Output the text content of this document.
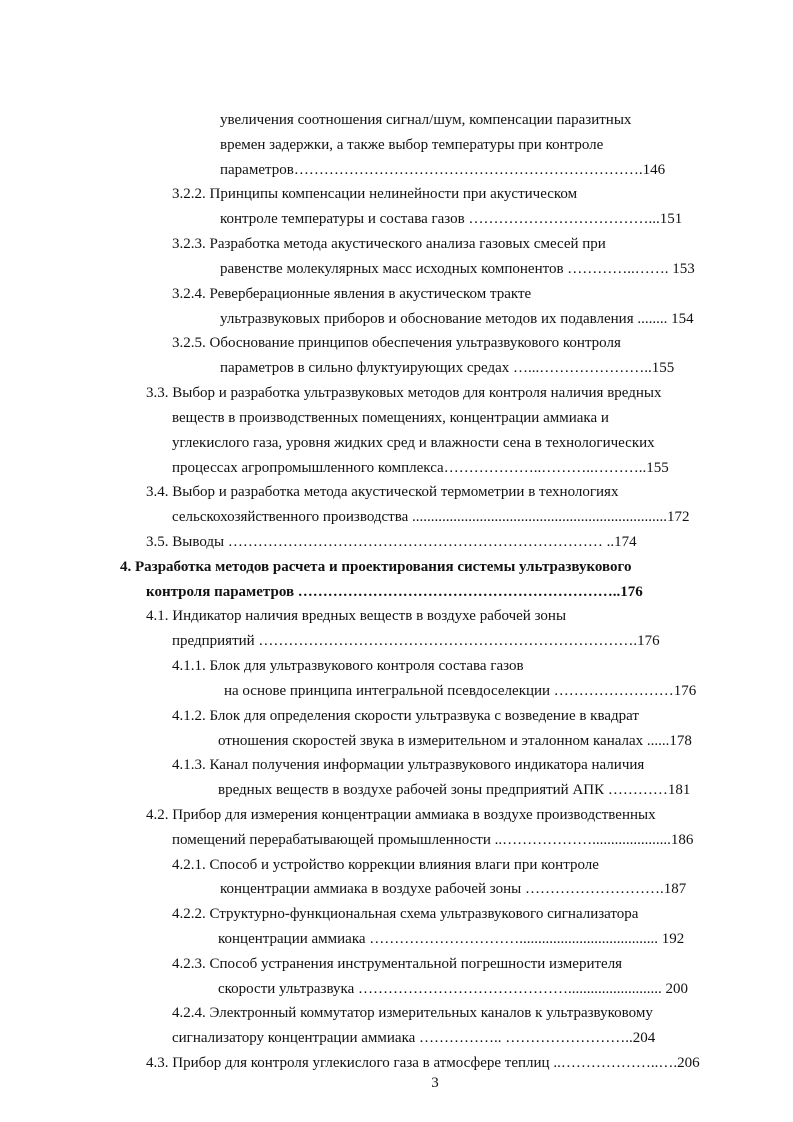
увеличения соотношения сигнал/шум, компенсации паразитных
времен задержки, а также выбор температуры при контроле
параметров…………………………………………………………….146
3.2.2. Принципы компенсации нелинейности при акустическом
контроле температуры и состава газов ………………………………...151
3.2.3. Разработка метода акустического анализа газовых смесей при
равенстве молекулярных масс исходных компонентов …………..……. 153
3.2.4. Реверберационные явления в акустическом тракте
ультразвуковых приборов и обоснование методов их подавления ........ 154
3.2.5. Обоснование принципов обеспечения ультразвукового контроля
параметров в сильно флуктуирующих средах …...…………………..155
3.3. Выбор и разработка ультразвуковых методов для контроля наличия вредных
веществ в производственных помещениях, концентрации аммиака и
углекислого газа, уровня жидких сред и влажности сена в технологических
процессах агропромышленного комплекса………………..………..………..155
3.4. Выбор и разработка метода акустической термометрии в технологиях
сельскохозяйственного производства ....................................................................172
3.5. Выводы ………………………………………………………………… ..174
4. Разработка методов расчета и проектирования системы ультразвукового
контроля параметров ………………………………………………………..176
4.1. Индикатор наличия вредных веществ в воздухе рабочей зоны
предприятий ………………………………………………………………….176
4.1.1. Блок для ультразвукового контроля состава газов
на основе принципа интегральной псевдоселекции ……………………176
4.1.2. Блок для определения скорости ультразвука с возведение в квадрат
отношения скоростей звука в измерительном и эталонном каналах ......178
4.1.3. Канал получения информации ультразвукового индикатора наличия
вредных веществ в воздухе рабочей зоны предприятий АПК …………181
4.2. Прибор для измерения концентрации аммиака в воздухе производственных
помещений перерабатывающей промышленности ..……………….....................186
4.2.1. Способ и устройство коррекции влияния влаги при контроле
концентрации аммиака в воздухе рабочей зоны ……………………….187
4.2.2. Структурно-функциональная схема ультразвукового сигнализатора
концентрации аммиака …………………………..................................... 192
4.2.3. Способ устранения инструментальной погрешности измерителя
скорости ультразвука ……………………………………......................... 200
4.2.4. Электронный коммутатор измерительных каналов к ультразвуковому
сигнализатору концентрации аммиака …………….. ……………………..204
4.3. Прибор для контроля углекислого газа в атмосфере теплиц ..………………..….206
3
